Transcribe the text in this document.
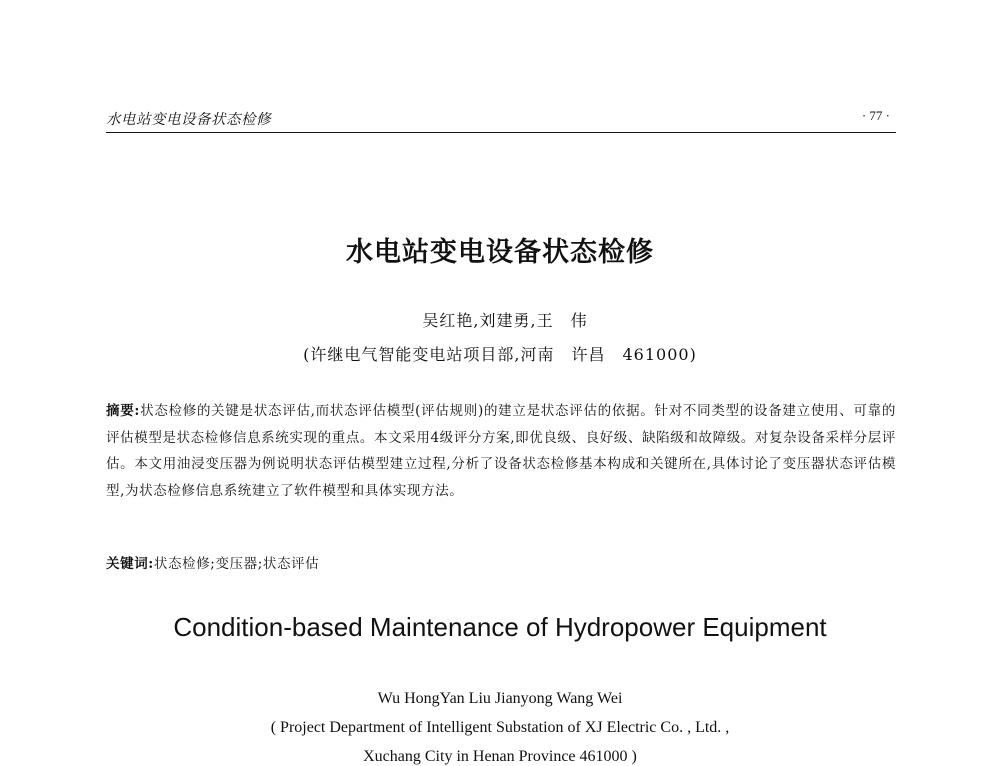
水电站变电设备状态检修	· 77 ·
水电站变电设备状态检修
吴红艳,刘建勇,王　伟
(许继电气智能变电站项目部,河南　许昌　461000)
摘要:状态检修的关键是状态评估,而状态评估模型(评估规则)的建立是状态评估的依据。针对不同类型的设备建立使用、可靠的评估模型是状态检修信息系统实现的重点。本文采用4级评分方案,即优良级、良好级、缺陷级和故障级。对复杂设备采样分层评估。本文用油浸变压器为例说明状态评估模型建立过程,分析了设备状态检修基本构成和关键所在,具体讨论了变压器状态评估模型,为状态检修信息系统建立了软件模型和具体实现方法。
关键词:状态检修;变压器;状态评估
Condition-based Maintenance of Hydropower Equipment
Wu HongYan Liu Jianyong Wang Wei
( Project Department of Intelligent Substation of XJ Electric Co. , Ltd. ,
Xuchang City in Henan Province 461000 )
